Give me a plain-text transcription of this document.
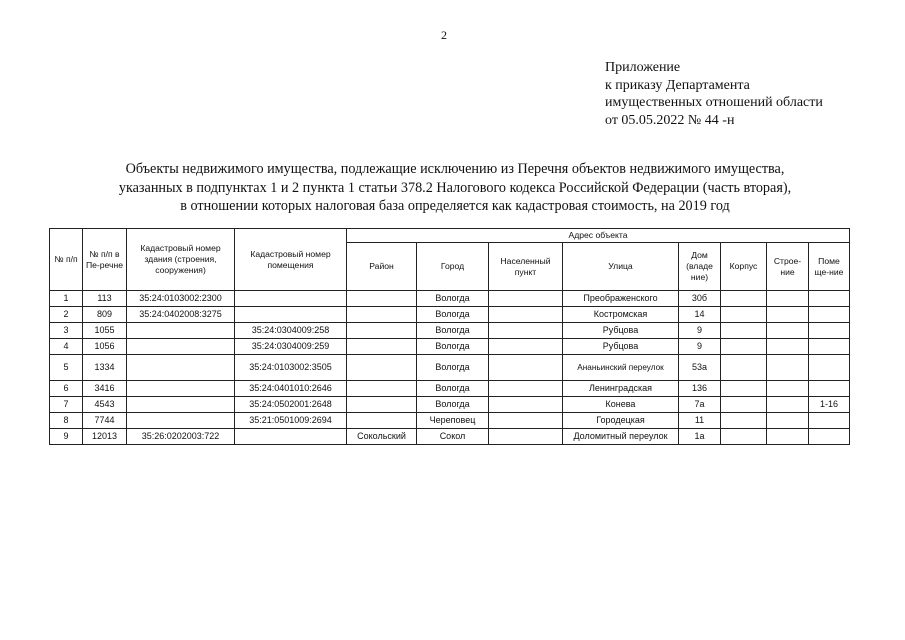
2
Приложение
к приказу Департамента
имущественных отношений области
от 05.05.2022 № 44 -н
Объекты недвижимого имущества, подлежащие исключению из Перечня объектов недвижимого имущества,
указанных в подпунктах 1 и 2 пункта 1 статьи 378.2 Налогового кодекса Российской Федерации (часть вторая),
в отношении которых налоговая база определяется как кадастровая стоимость, на 2019 год
№ п/п	№ п/п в Пе-речне	Кадастровый номер здания (строения, сооружения)	Кадастровый номер помещения	Адрес объекта							
				Район	Город	Населенный пункт	Улица	Дом (владе ние)	Корпус	Строе-ние	Поме ще-ние
1	113	35:24:0103002:2300			Вологда		Преображенского	30б			
2	809	35:24:0402008:3275			Вологда		Костромская	14			
3	1055		35:24:0304009:258		Вологда		Рубцова	9			
4	1056		35:24:0304009:259		Вологда		Рубцова	9			
5	1334		35:24:0103002:3505		Вологда		Ананьинский переулок	53а			
6	3416		35:24:0401010:2646		Вологда		Ленинградская	136			
7	4543		35:24:0502001:2648		Вологда		Конева	7а			1-16
8	7744		35:21:0501009:2694		Череповец		Городецкая	11			
9	12013	35:26:0202003:722		Сокольский	Сокол		Доломитный переулок	1а			
